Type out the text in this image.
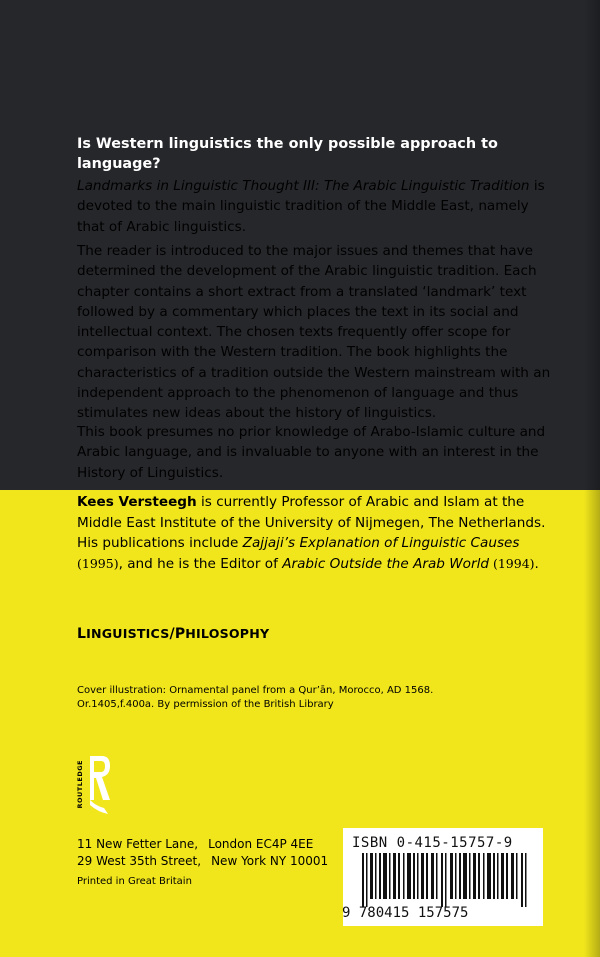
Is Western linguistics the only possible approach to language?

Landmarks in Linguistic Thought III: The Arabic Linguistic Tradition is devoted to the main linguistic tradition of the Middle East, namely that of Arabic linguistics.

The reader is introduced to the major issues and themes that have determined the development of the Arabic linguistic tradition. Each chapter contains a short extract from a translated ‘landmark’ text followed by a commentary which places the text in its social and intellectual context. The chosen texts frequently offer scope for comparison with the Western tradition. The book highlights the characteristics of a tradition outside the Western mainstream with an independent approach to the phenomenon of language and thus stimulates new ideas about the history of linguistics.

This book presumes no prior knowledge of Arabo-Islamic culture and Arabic language, and is invaluable to anyone with an interest in the History of Linguistics.

Kees Versteegh is currently Professor of Arabic and Islam at the Middle East Institute of the University of Nijmegen, The Netherlands. His publications include Zajjaji’s Explanation of Linguistic Causes (1995), and he is the Editor of Arabic Outside the Arab World (1994).

LINGUISTICS/PHILOSOPHY

Cover illustration: Ornamental panel from a Qur’ān, Morocco, AD 1568. Or.1405,f.400a. By permission of the British Library

ROUTLEDGE
11 New Fetter Lane, London EC4P 4EE
29 West 35th Street, New York NY 10001
Printed in Great Britain
ISBN 0-415-15757-9
9 780415 157575
